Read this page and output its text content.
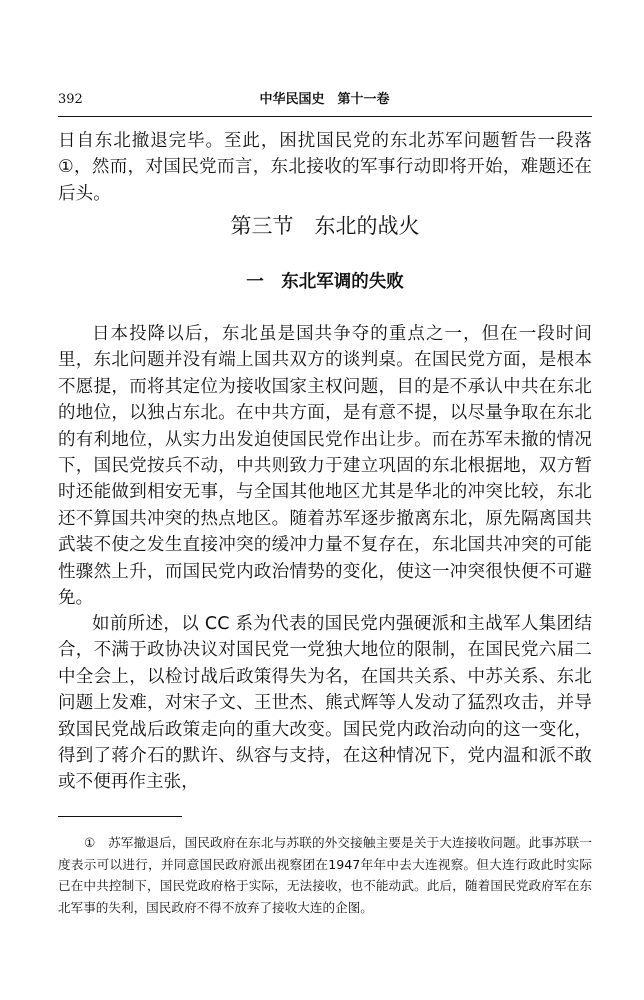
392	中华民国史　第十一卷
日自东北撤退完毕。至此，困扰国民党的东北苏军问题暂告一段落①，然而，对国民党而言，东北接收的军事行动即将开始，难题还在后头。
第三节　东北的战火
一　东北军调的失败
日本投降以后，东北虽是国共争夺的重点之一，但在一段时间里，东北问题并没有端上国共双方的谈判桌。在国民党方面，是根本不愿提，而将其定位为接收国家主权问题，目的是不承认中共在东北的地位，以独占东北。在中共方面，是有意不提，以尽量争取在东北的有利地位，从实力出发迫使国民党作出让步。而在苏军未撤的情况下，国民党按兵不动，中共则致力于建立巩固的东北根据地，双方暂时还能做到相安无事，与全国其他地区尤其是华北的冲突比较，东北还不算国共冲突的热点地区。随着苏军逐步撤离东北，原先隔离国共武装不使之发生直接冲突的缓冲力量不复存在，东北国共冲突的可能性骤然上升，而国民党内政治情势的变化，使这一冲突很快便不可避免。
如前所述，以 CC 系为代表的国民党内强硬派和主战军人集团结合，不满于政协决议对国民党一党独大地位的限制，在国民党六届二中全会上，以检讨战后政策得失为名，在国共关系、中苏关系、东北问题上发难，对宋子文、王世杰、熊式辉等人发动了猛烈攻击，并导致国民党战后政策走向的重大改变。国民党内政治动向的这一变化，得到了蒋介石的默许、纵容与支持，在这种情况下，党内温和派不敢或不便再作主张，
①　苏军撤退后，国民政府在东北与苏联的外交接触主要是关于大连接收问题。此事苏联一度表示可以进行，并同意国民政府派出视察团在1947年年中去大连视察。但大连行政此时实际已在中共控制下，国民党政府格于实际，无法接收，也不能动武。此后，随着国民党政府军在东北军事的失利，国民政府不得不放弃了接收大连的企图。
